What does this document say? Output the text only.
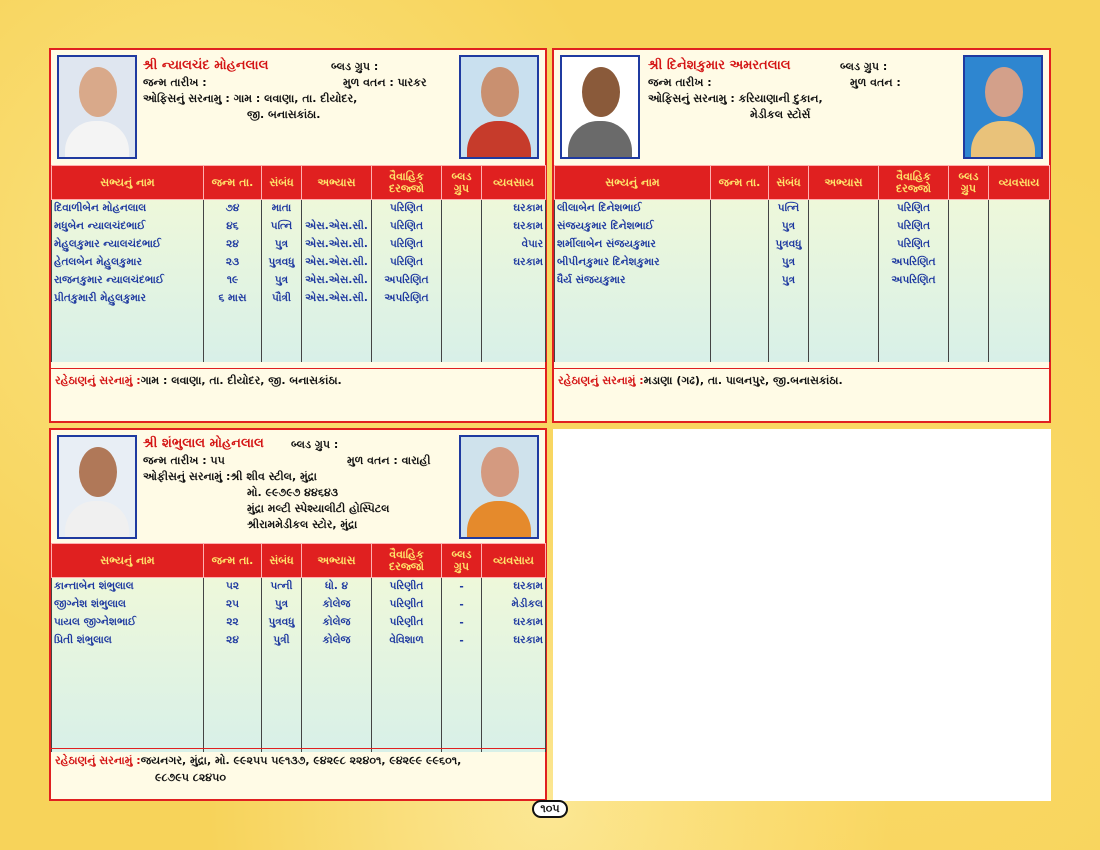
શ્રી ન્યાલચંદ મોહનલાલ	બ્લડ ગ્રુપ :
જન્મ તારીખ :	મુળ વતન : પારકર
ઓફિસનું સરનામુ : ગામ : લવાણા, તા. દીયોદર,
જી. બનાસકાંઠા.
સભ્યનું નામ	જન્મ તા.	સંબંધ	અભ્યાસ	વૈવાહિક દરજ્જો	બ્લડ ગ્રુપ	વ્યવસાય
દિવાળીબેન મોહનલાલ	૭૪	માતા		પરિણિત		ઘરકામ
મધુબેન ન્યાલચંદભાઈ	૪૬	પત્નિ	એસ.એસ.સી.	પરિણિત		ઘરકામ
મેહુલકુમાર ન્યાલચંદભાઈ	૨૪	પુત્ર	એસ.એસ.સી.	પરિણિત		વેપાર
હેતલબેન મેહુલકુમાર	૨૩	પુત્રવધુ	એસ.એસ.સી.	પરિણિત		ઘરકામ
રાજનકુમાર ન્યાલચંદભાઈ	૧૯	પુત્ર	એસ.એસ.સી.	અપરિણિત		
પ્રીતકુમારી મેહુલકુમાર	૬ માસ	પૌત્રી	એસ.એસ.સી.	અપરિણિત		

રહેઠાણનું સરનામું :ગામ : લવાણા, તા. દીયોદર, જી. બનાસકાંઠા.
શ્રી દિનેશકુમાર અમરતલાલ	બ્લડ ગ્રુપ :
જન્મ તારીખ :	મુળ વતન :
ઓફિસનું સરનામુ : કરિયાણાની દુકાન,
મેડીકલ સ્ટોર્સ
સભ્યનું નામ	જન્મ તા.	સંબંધ	અભ્યાસ	વૈવાહિક દરજ્જો	બ્લડ ગ્રુપ	વ્યવસાય
લીલાબેન દિનેશભાઈ		પત્નિ		પરિણિત		
સંજયકુમાર દિનેશભાઈ		પુત્ર		પરિણિત		
શર્મીલાબેન સંજયકુમાર		પુત્રવધુ		પરિણિત		
બીપીનકુમાર દિનેશકુમાર		પુત્ર		અપરિણિત		
ધૈર્ય સંજયકુમાર		પુત્ર		અપરિણિત		

રહેઠાણનું સરનામું :મડાણા (ગઢ), તા. પાલનપુર, જી.બનાસકાંઠા.
શ્રી શંભુલાલ મોહનલાલ બ્લડ ગ્રુપ :
જન્મ તારીખ : ૫૫	મુળ વતન : વારાહી
ઓફીસનું સરનામું :શ્રી શીવ સ્ટીલ, મુંદ્રા
મો. ૯૯૭૯૭ ૪૪૬૪૩
મુંદ્રા મલ્ટી સ્પેશ્યાલીટી હોસ્પિટલ
શ્રીરામમેડીકલ સ્ટોર, મુંદ્રા
સભ્યનું નામ	જન્મ તા.	સંબંધ	અભ્યાસ	વૈવાહિક દરજ્જો	બ્લડ ગ્રુપ	વ્યવસાય
કાન્તાબેન શંભુલાલ	૫૨	પત્ની	ધો. ૪	પરિણીત	-	ઘરકામ
જીગ્નેશ શંભુલાલ	૨૫	પુત્ર	કોલેજ	પરિણીત	-	મેડીકલ
પાયલ જીગ્નેશભાઈ	૨૨	પુત્રવધુ	કોલેજ	પરિણીત	-	ઘરકામ
પ્રિતી શંભુલાલ	૨૪	પુત્રી	કોલેજ	વેવિશાળ	-	ઘરકામ

રહેઠાણનું સરનામું :જયનગર, મુંદ્રા, મો. ૯૯૨૫૫ ૫૯૧૩૭, ૯૪૨૯૮ ૨૨૪૦૧, ૯૪૨૯૯ ૯૯૬૦૧,
૯૮૭૯૫ ૮૨૪૫૦
૧૦૫
